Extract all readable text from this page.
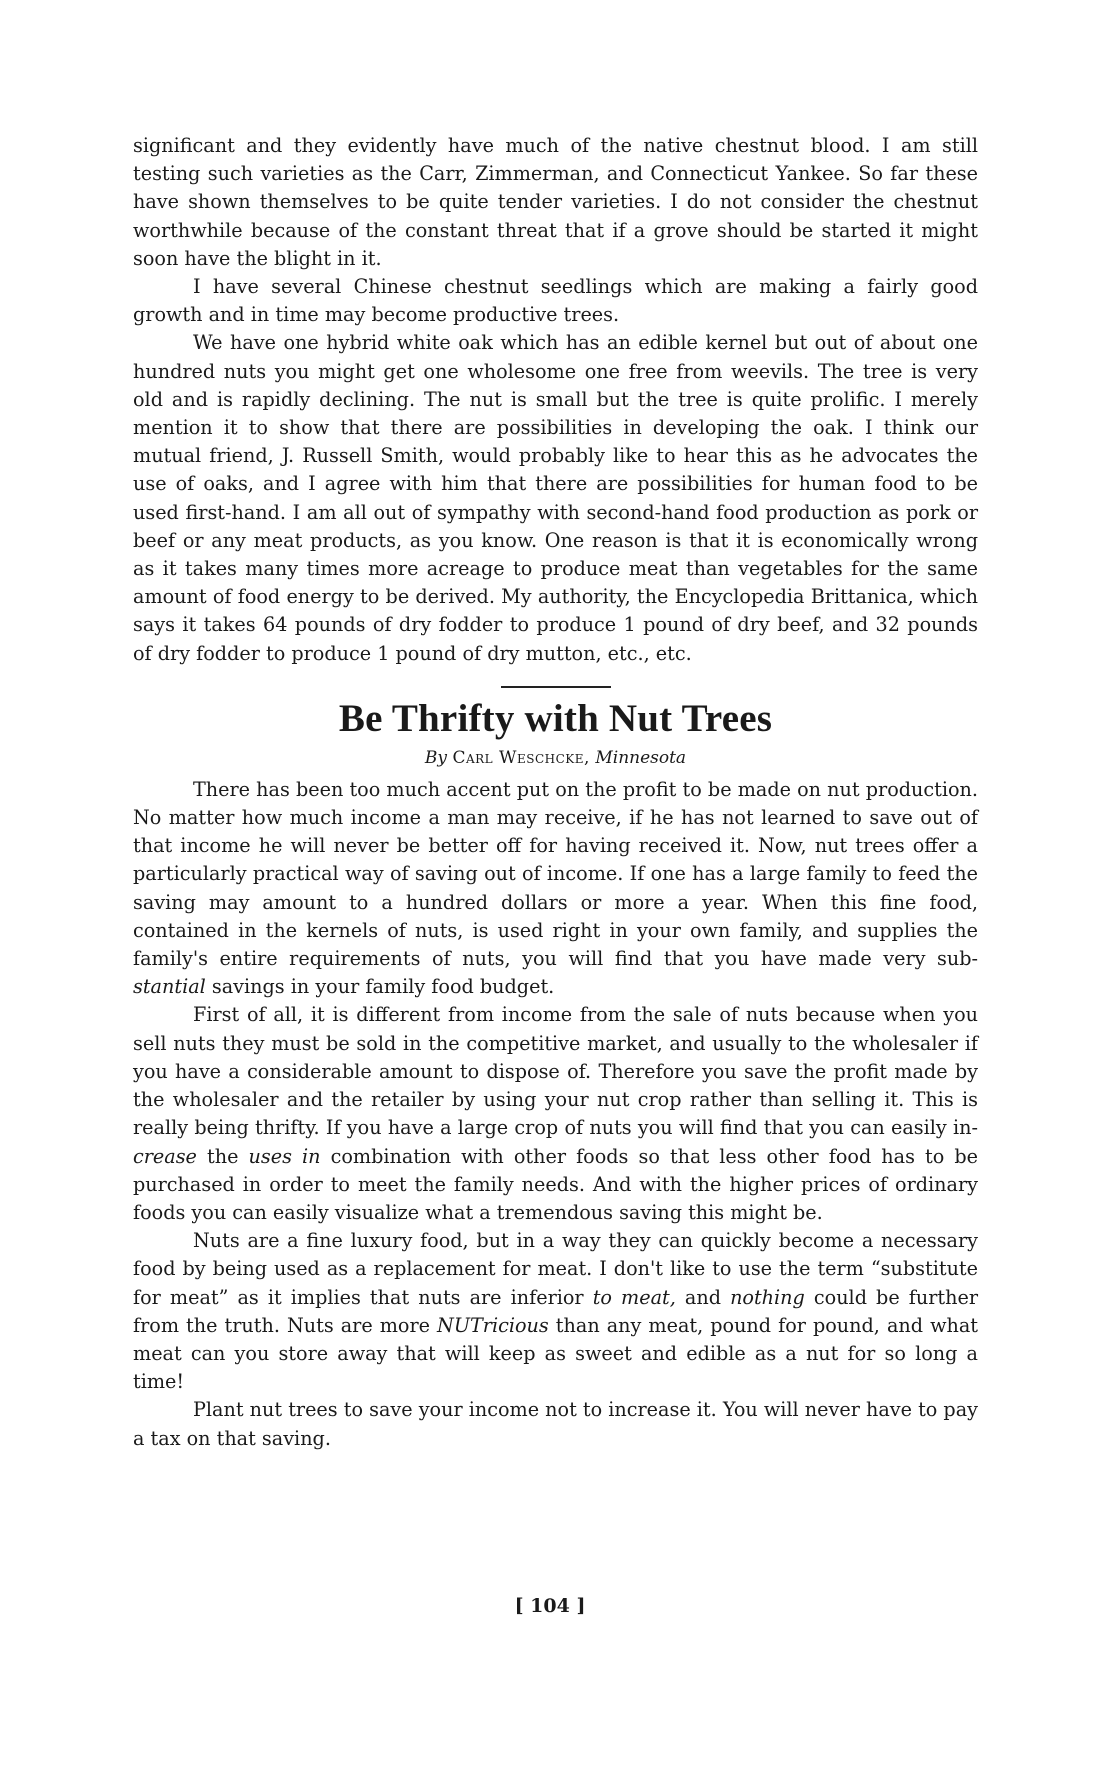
significant and they evidently have much of the native chestnut blood. I am still testing such varieties as the Carr, Zimmerman, and Connecticut Yankee. So far these have shown themselves to be quite tender varieties. I do not consider the chestnut worthwhile because of the constant threat that if a grove should be started it might soon have the blight in it.

I have several Chinese chestnut seedlings which are making a fairly good growth and in time may become productive trees.

We have one hybrid white oak which has an edible kernel but out of about one hundred nuts you might get one wholesome one free from weevils. The tree is very old and is rapidly declining. The nut is small but the tree is quite prolific. I merely mention it to show that there are possibilities in developing the oak. I think our mutual friend, J. Russell Smith, would probably like to hear this as he advocates the use of oaks, and I agree with him that there are possibilities for human food to be used first-hand. I am all out of sympathy with second-hand food production as pork or beef or any meat products, as you know. One reason is that it is economically wrong as it takes many times more acreage to produce meat than vegetables for the same amount of food energy to be derived. My authority, the Encyclopedia Brittanica, which says it takes 64 pounds of dry fodder to produce 1 pound of dry beef, and 32 pounds of dry fodder to produce 1 pound of dry mutton, etc., etc.

Be Thrifty with Nut Trees

By Carl Weschcke, Minnesota

There has been too much accent put on the profit to be made on nut production. No matter how much income a man may receive, if he has not learned to save out of that income he will never be better off for having received it. Now, nut trees offer a particularly practical way of saving out of income. If one has a large family to feed the saving may amount to a hundred dollars or more a year. When this fine food, contained in the kernels of nuts, is used right in your own family, and supplies the family's entire requirements of nuts, you will find that you have made very sub-stantial savings in your family food budget.

First of all, it is different from income from the sale of nuts because when you sell nuts they must be sold in the competitive market, and usually to the wholesaler if you have a considerable amount to dispose of. Therefore you save the profit made by the wholesaler and the retailer by using your nut crop rather than selling it. This is really being thrifty. If you have a large crop of nuts you will find that you can easily in-crease the uses in combination with other foods so that less other food has to be purchased in order to meet the family needs. And with the higher prices of ordinary foods you can easily visualize what a tremendous saving this might be.

Nuts are a fine luxury food, but in a way they can quickly become a necessary food by being used as a replacement for meat. I don't like to use the term “substitute for meat” as it implies that nuts are inferior to meat, and nothing could be further from the truth. Nuts are more NUTricious than any meat, pound for pound, and what meat can you store away that will keep as sweet and edible as a nut for so long a time!

Plant nut trees to save your income not to increase it. You will never have to pay a tax on that saving.

[ 104 ]
